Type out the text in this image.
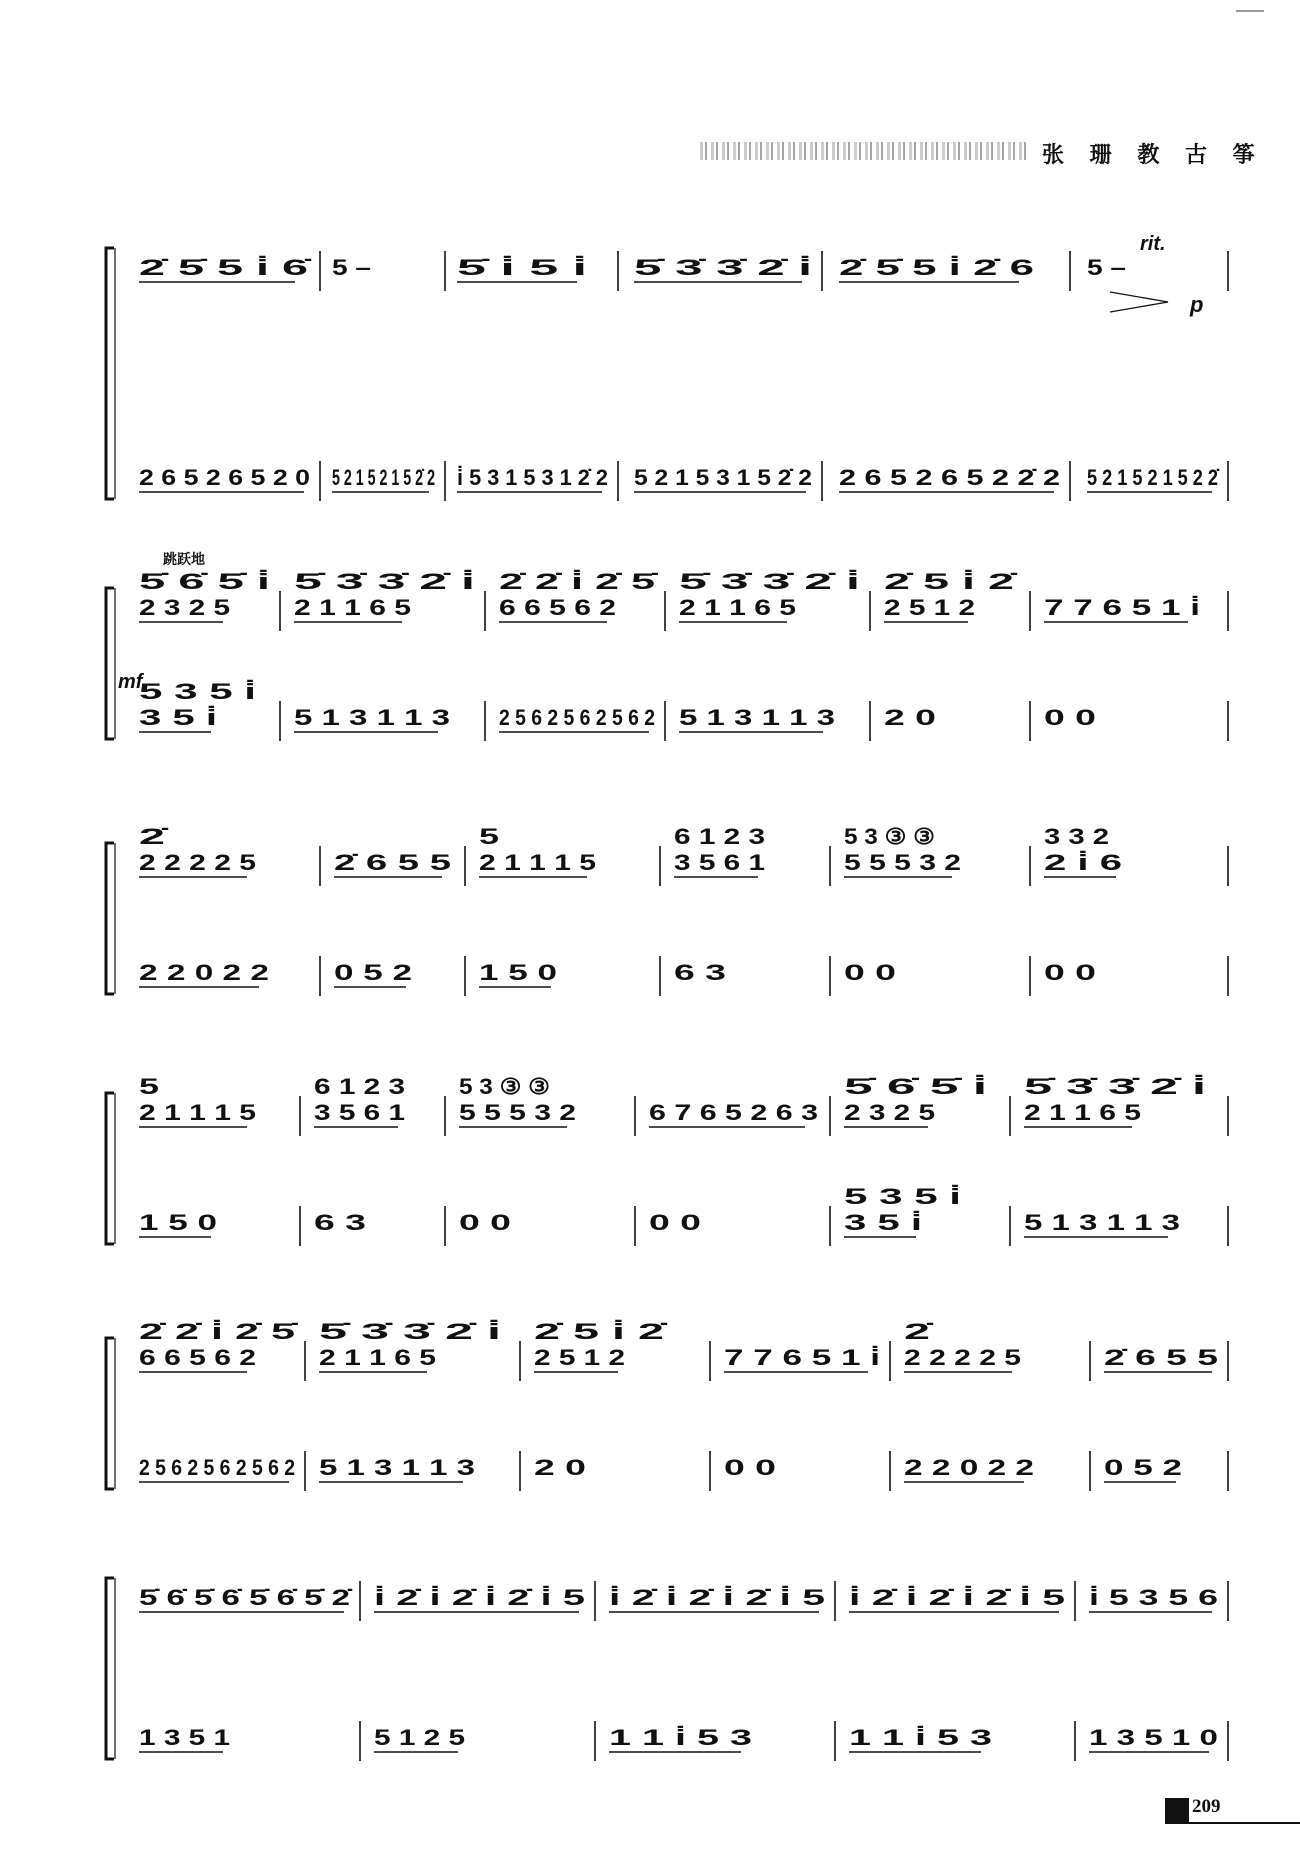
张 珊 教 古 筝
2̇ 5̇ 5 i̇ 6̇ 5 –	5̇ i̇ 5 i̇ 5̇ 3̇ 3̇ 2̇ i̇ 2̇ 5̇ 5 i̇ 2̇ 6 5 –
2 6 5 2 6 5 2 0 5 2 1 5 2 1 5 2̇ 2 i̇ 5 3 1 5 3 1 2̇ 2 5 2 1 5 3 1 5 2̇ 2 2 6 5 2 6 5 2 2̇ 2 5 2 1 5 2 1 5 2 2̇
rit.
p
5̇ 6̇ 5̇ i̇
2 3 2 5
5̇ 3̇ 3̇ 2̇ i̇
2 1 1 6 5
2̇ 2̇ i̇ 2̇ 5̇
6 6 5 6 2
5̇ 3̇ 3̇ 2̇ i̇
2 1 1 6 5
2̇ 5 i̇ 2̇
2 5 1 2	7 7 6 5 1 i̇
5 3 5 i̇
3 5 i̇	5 1 3 1 1 3 2 5 6 2 5 6 2 5 6 2 5 1 3 1 1 3 2 0	0 0
mf
跳跃地
2̇
2 2 2 2 5	2̇ 6 5 5
5
2 1 1 1 5
6 1 2 3
3 5 6 1
5 3 ③ ③
5 5 5 3 2
3 3 2
2 i̇ 6
2 2 0 2 2	0 5 2	1 5 0	6 3	0 0	0 0
5
2 1 1 1 5
6 1 2 3
3 5 6 1
5 3 ③ ③
5 5 5 3 2	6 7 6 5 2 6 3
5̇ 6̇ 5̇ i̇
2 3 2 5
5̇ 3̇ 3̇ 2̇ i̇
2 1 1 6 5
1 5 0	6 3	0 0	0 0
5 3 5 i̇
3 5 i̇	5 1 3 1 1 3
2̇ 2̇ i̇ 2̇ 5̇
6 6 5 6 2
5̇ 3̇ 3̇ 2̇ i̇
2 1 1 6 5
2̇ 5 i̇ 2̇
2 5 1 2	7 7 6 5 1 i̇
2̇
2 2 2 2 5	2̇ 6 5 5
2 5 6 2 5 6 2 5 6 2 5 1 3 1 1 3	2 0	0 0	2 2 0 2 2	0 5 2
5̇ 6̇ 5̇ 6̇ 5̇ 6̇ 5̇ 2̇ i̇ 2̇ i̇ 2̇ i̇ 2̇ i̇ 5 i̇ 2̇ i̇ 2̇ i̇ 2̇ i̇ 5 i̇ 2̇ i̇ 2̇ i̇ 2̇ i̇ 5 i̇ 5 3 5 6
1 3 5 1	5 1 2 5	1 1 i̇ 5 3	1 1 i̇ 5 3	1 3 5 1 0
209
